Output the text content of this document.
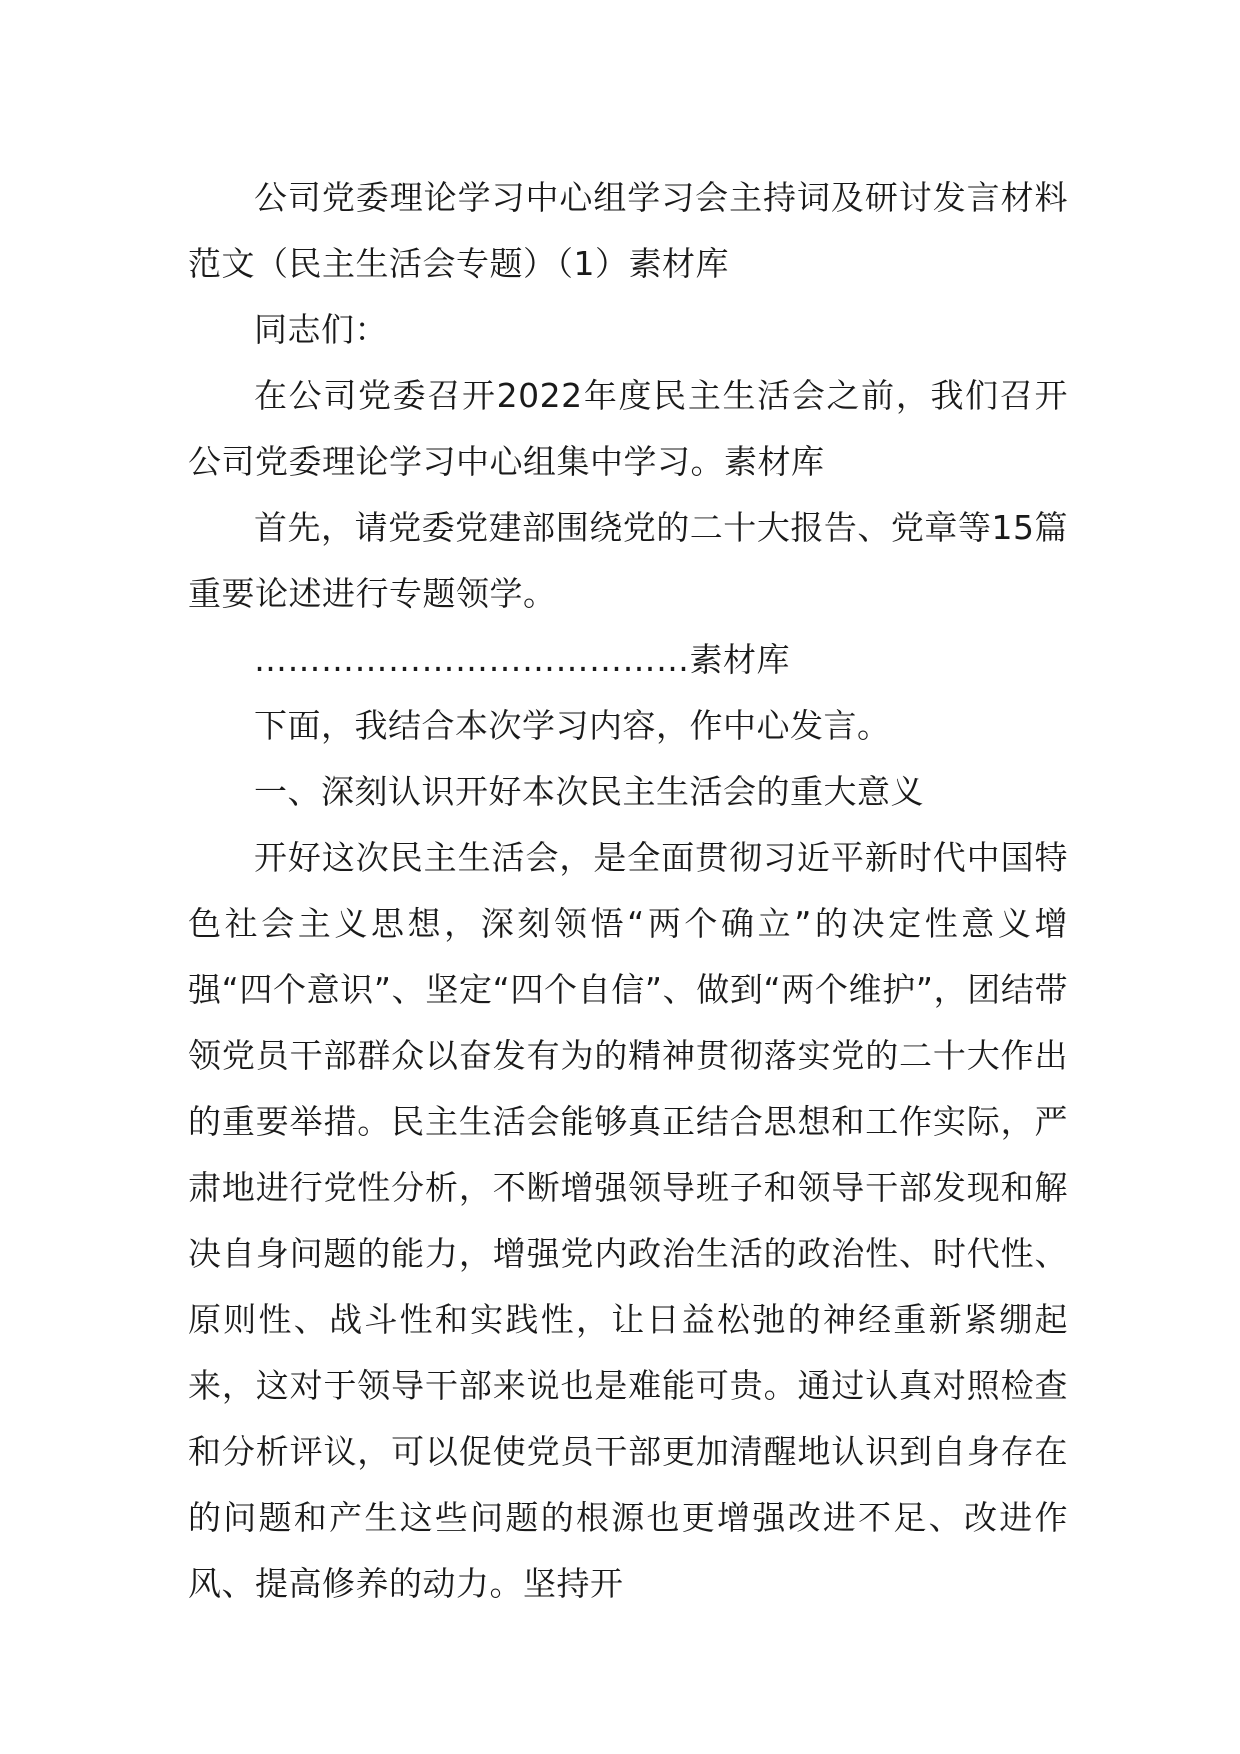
公司党委理论学习中心组学习会主持词及研讨发言材料范文（民主生活会专题）（1）素材库

同志们：

在公司党委召开2022年度民主生活会之前，我们召开公司党委理论学习中心组集中学习。素材库

首先，请党委党建部围绕党的二十大报告、党章等15篇重要论述进行专题领学。

…………………………………素材库

下面，我结合本次学习内容，作中心发言。

一、深刻认识开好本次民主生活会的重大意义

开好这次民主生活会，是全面贯彻习近平新时代中国特色社会主义思想，深刻领悟“两个确立”的决定性意义增强“四个意识”、坚定“四个自信”、做到“两个维护”，团结带领党员干部群众以奋发有为的精神贯彻落实党的二十大作出的重要举措。民主生活会能够真正结合思想和工作实际，严肃地进行党性分析，不断增强领导班子和领导干部发现和解决自身问题的能力，增强党内政治生活的政治性、时代性、原则性、战斗性和实践性，让日益松弛的神经重新紧绷起来，这对于领导干部来说也是难能可贵。通过认真对照检查和分析评议，可以促使党员干部更加清醒地认识到自身存在的问题和产生这些问题的根源也更增强改进不足、改进作风、提高修养的动力。坚持开
